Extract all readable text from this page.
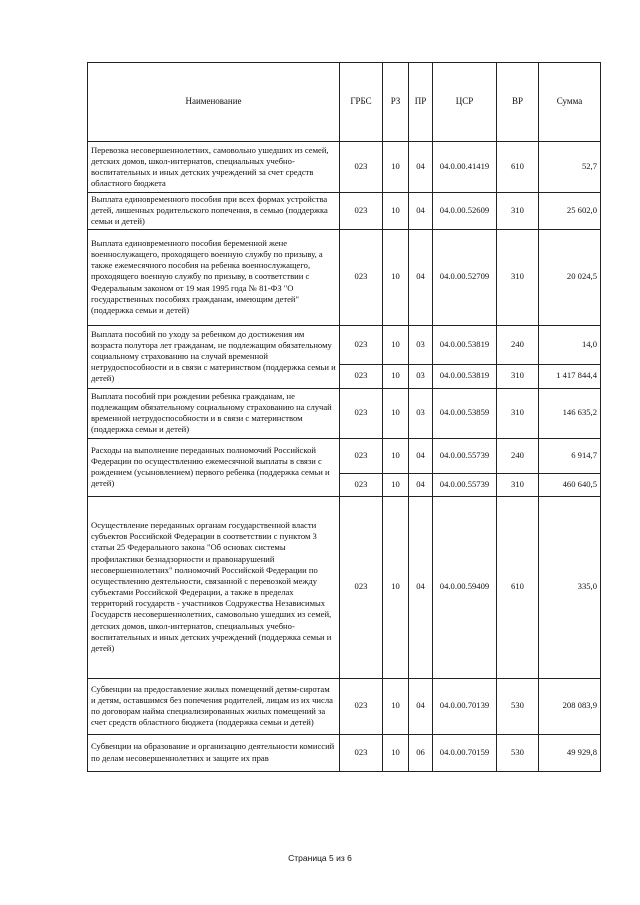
Наименование	ГРБС	РЗ	ПР	ЦСР	ВР	Сумма
Перевозка несовершеннолетних, самовольно ушедших из семей, детских домов, школ-интернатов, специальных учебно-воспитательных и иных детских учреждений за счет средств областного бюджета	023	10	04	04.0.00.41419	610	52,7
Выплата единовременного пособия при всех формах устройства детей, лишенных родительского попечения, в семью (поддержка семьи и детей)	023	10	04	04.0.00.52609	310	25 602,0
Выплата единовременного пособия беременной жене военнослужащего, проходящего военную службу по призыву, а также ежемесячного пособия на ребенка военнослужащего, проходящего военную службу по призыву, в соответствии с Федеральным законом от 19 мая 1995 года № 81-ФЗ "О государственных пособиях гражданам, имеющим детей" (поддержка семьи и детей)	023	10	04	04.0.00.52709	310	20 024,5
Выплата пособий по уходу за ребенком до достижения им возраста полутора лет гражданам, не подлежащим обязательному социальному страхованию на случай временной нетрудоспособности и в связи с материнством (поддержка семьи и детей)	023	10	03	04.0.00.53819	240	14,0
	023	10	03	04.0.00.53819	310	1 417 844,4
Выплата пособий при рождении ребенка гражданам, не подлежащим обязательному социальному страхованию на случай временной нетрудоспособности и в связи с материнством (поддержка семьи и детей)	023	10	03	04.0.00.53859	310	146 635,2
Расходы на выполнение переданных полномочий Российской Федерации по осуществлению ежемесячной выплаты в связи с рождением (усыновлением) первого ребенка (поддержка семьи и детей)	023	10	04	04.0.00.55739	240	6 914,7
	023	10	04	04.0.00.55739	310	460 640,5
Осуществление переданных органам государственной власти субъектов Российской Федерации в соответствии с пунктом 3 статьи 25 Федерального закона "Об основах системы профилактики безнадзорности и правонарушений несовершеннолетних" полномочий Российской Федерации по осуществлению деятельности, связанной с перевозкой между субъектами Российской Федерации, а также в пределах территорий государств - участников Содружества Независимых Государств несовершеннолетних, самовольно ушедших из семей, детских домов, школ-интернатов, специальных учебно-воспитательных и иных детских учреждений (поддержка семьи и детей)	023	10	04	04.0.00.59409	610	335,0
Субвенции на предоставление жилых помещений детям-сиротам и детям, оставшимся без попечения родителей, лицам из их числа по договорам найма специализированных жилых помещений за счет средств областного бюджета (поддержка семьи и детей)	023	10	04	04.0.00.70139	530	208 083,9
Субвенции на образование и организацию деятельности комиссий по делам несовершеннолетних и защите их прав	023	10	06	04.0.00.70159	530	49 929,8
Страница 5 из 6
